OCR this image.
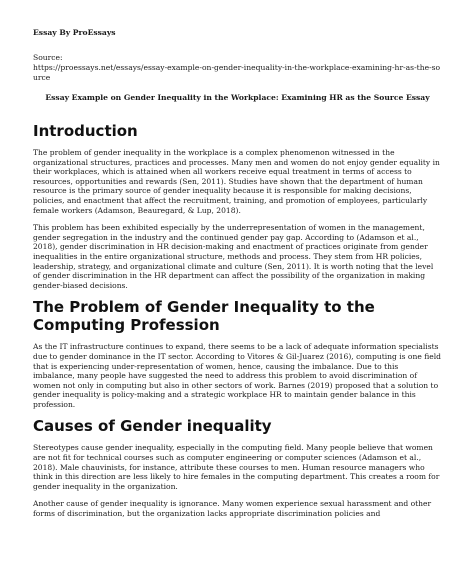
Essay By ProEssays
Source:
https://proessays.net/essays/essay-example-on-gender-inequality-in-the-workplace-examining-hr-as-the-source
Essay Example on Gender Inequality in the Workplace: Examining HR as the Source Essay
Introduction

The problem of gender inequality in the workplace is a complex phenomenon witnessed in the organizational structures, practices and processes. Many men and women do not enjoy gender equality in their workplaces, which is attained when all workers receive equal treatment in terms of access to resources, opportunities and rewards (Sen, 2011). Studies have shown that the department of human resource is the primary source of gender inequality because it is responsible for making decisions, policies, and enactment that affect the recruitment, training, and promotion of employees, particularly female workers (Adamson, Beauregard, & Lup, 2018).

This problem has been exhibited especially by the underrepresentation of women in the management, gender segregation in the industry and the continued gender pay gap. According to (Adamson et al., 2018), gender discrimination in HR decision-making and enactment of practices originate from gender inequalities in the entire organizational structure, methods and process. They stem from HR policies, leadership, strategy, and organizational climate and culture (Sen, 2011). It is worth noting that the level of gender discrimination in the HR department can affect the possibility of the organization in making gender-biased decisions.

The Problem of Gender Inequality to the Computing Profession

As the IT infrastructure continues to expand, there seems to be a lack of adequate information specialists due to gender dominance in the IT sector. According to Vitores & Gil-Juarez (2016), computing is one field that is experiencing under-representation of women, hence, causing the imbalance. Due to this imbalance, many people have suggested the need to address this problem to avoid discrimination of women not only in computing but also in other sectors of work. Barnes (2019) proposed that a solution to gender inequality is policy-making and a strategic workplace HR to maintain gender balance in this profession.

Causes of Gender inequality

Stereotypes cause gender inequality, especially in the computing field. Many people believe that women are not fit for technical courses such as computer engineering or computer sciences (Adamson et al., 2018). Male chauvinists, for instance, attribute these courses to men. Human resource managers who think in this direction are less likely to hire females in the computing department. This creates a room for gender inequality in the organization.

Another cause of gender inequality is ignorance. Many women experience sexual harassment and other forms of discrimination, but the organization lacks appropriate discrimination policies and
